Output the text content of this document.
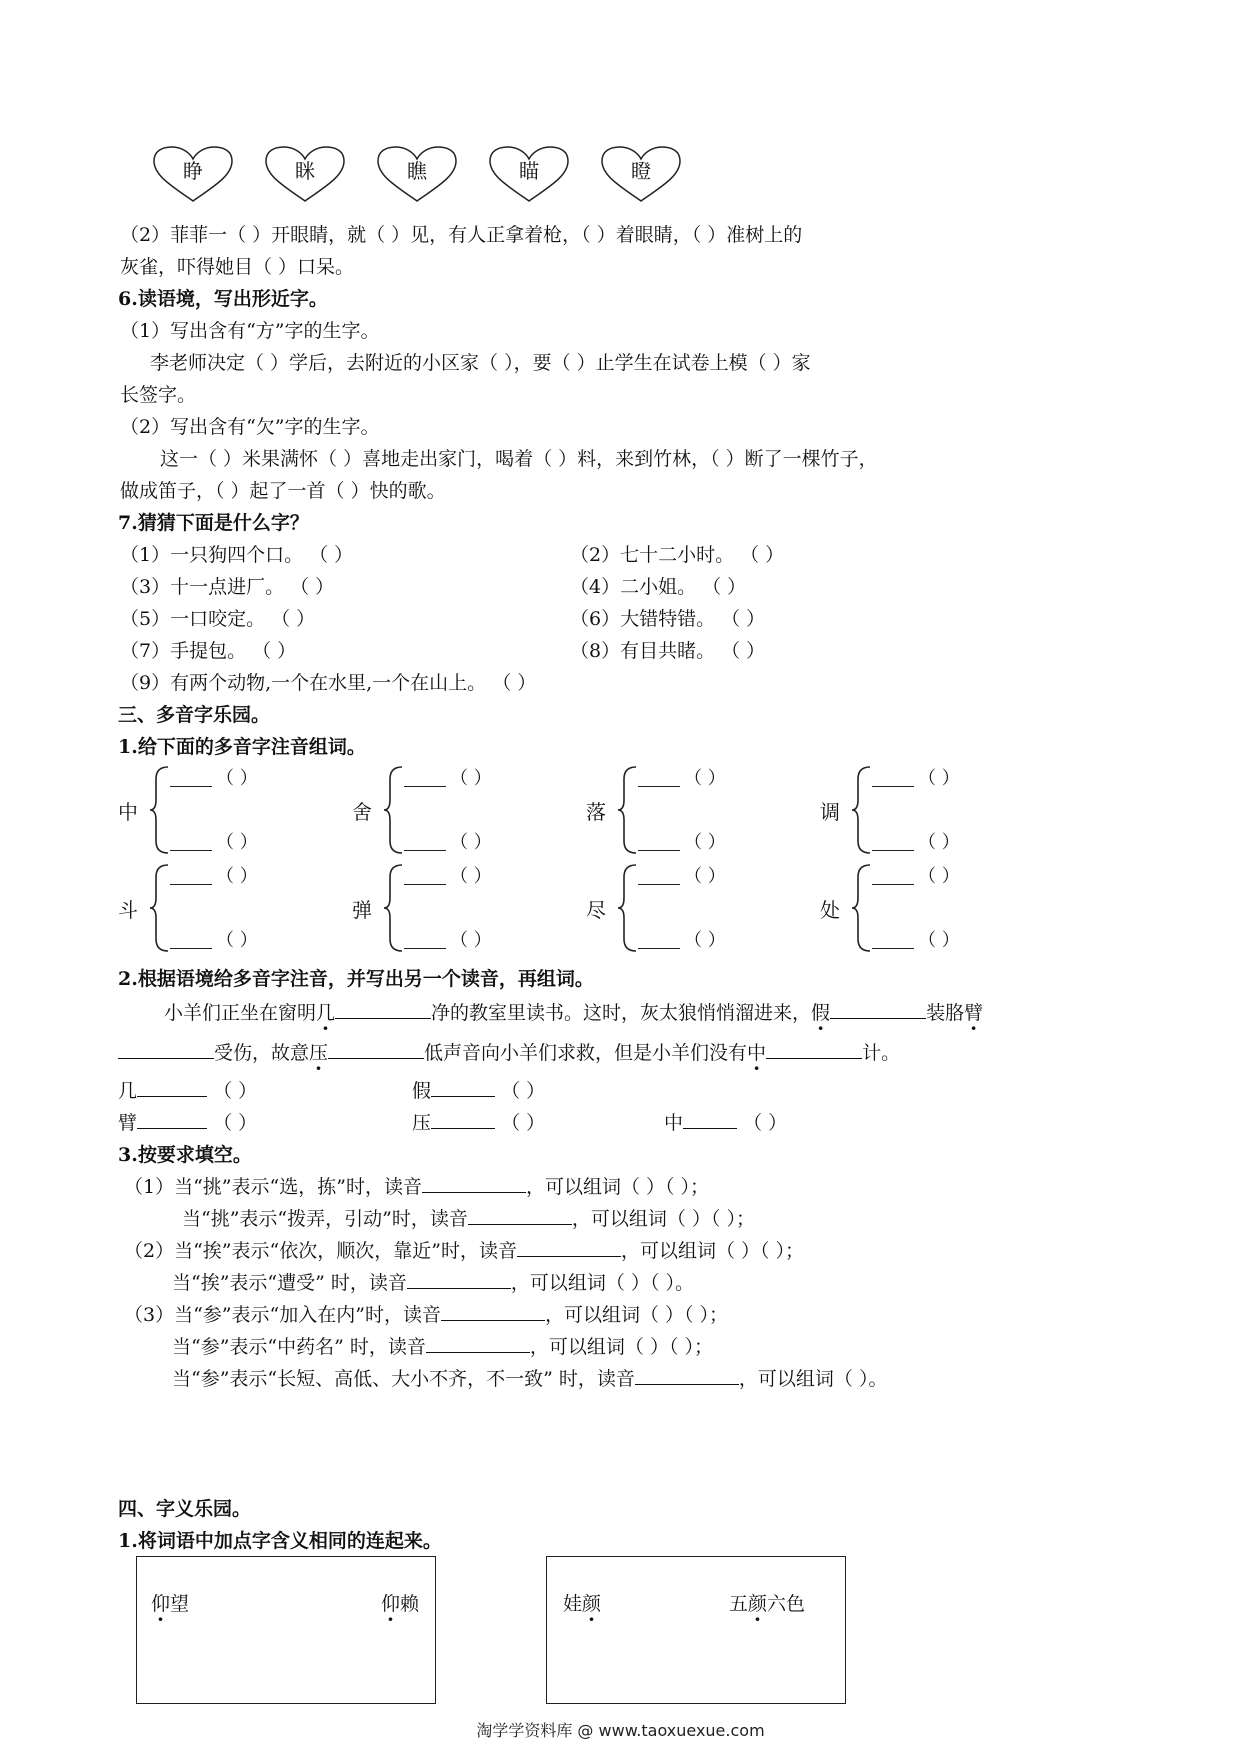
睁	眯	瞧	瞄	瞪
（2）菲菲一（ ）开眼睛，就（ ）见，有人正拿着枪，（ ）着眼睛，（ ）准树上的
灰雀，吓得她目（ ）口呆。
6.读语境，写出形近字。
（1）写出含有“方”字的生字。
李老师决定（ ）学后，去附近的小区家（ ），要（ ）止学生在试卷上模（ ）家
长签字。
（2）写出含有“欠”字的生字。
这一（ ）米果满怀（ ）喜地走出家门，喝着（ ）料，来到竹林，（ ）断了一棵竹子，
做成笛子，（ ）起了一首（ ）快的歌。
7.猜猜下面是什么字？
（1）一只狗四个口。 （ ）	（2）七十二小时。 （ ）
（3）十一点进厂。 （ ）	（4）二小姐。 （ ）
（5）一口咬定。 （ ）	（6）大错特错。 （ ）
（7）手提包。 （ ）	（8）有目共睹。 （ ）
（9）有两个动物,一个在水里,一个在山上。 （ ）
三、多音字乐园。
1.给下面的多音字注音组词。
中
（ ）
（ ）
舍
（ ）
（ ）
落
（ ）
（ ）
调
（ ）
（ ）
斗
（ ）
（ ）
弹
（ ）
（ ）
尽
（ ）
（ ）
处
（ ）
（ ）
2.根据语境给多音字注音，并写出另一个读音，再组词。
小羊们正坐在窗明几	净的教室里读书。这时，灰太狼悄悄溜进来，假	装胳臂
受伤，故意压	低声音向小羊们求救，但是小羊们没有中	计。
几	（ ）	假	（ ）
臂	（ ）	压	（ ）	中	（ ）
3.按要求填空。
（1）当“挑”表示“选，拣”时，读音	，可以组词（ ）（ ）；
当“挑”表示“拨弄，引动”时，读音	，可以组词（ ）（ ）；
（2）当“挨”表示“依次，顺次，靠近”时，读音	，可以组词（ ）（ ）；
当“挨”表示“遭受” 时，读音	，可以组词（ ）（ ）。
（3）当“参”表示“加入在内”时，读音	，可以组词（ ）（ ）；
当“参”表示“中药名” 时，读音	，可以组词（ ）（ ）；
当“参”表示“长短、高低、大小不齐，不一致” 时，读音	，可以组词（ ）。
四、字义乐园。
1.将词语中加点字含义相同的连起来。
仰望	仰赖	娃颜	五颜六色
淘学学资料库 @ www.taoxuexue.com
